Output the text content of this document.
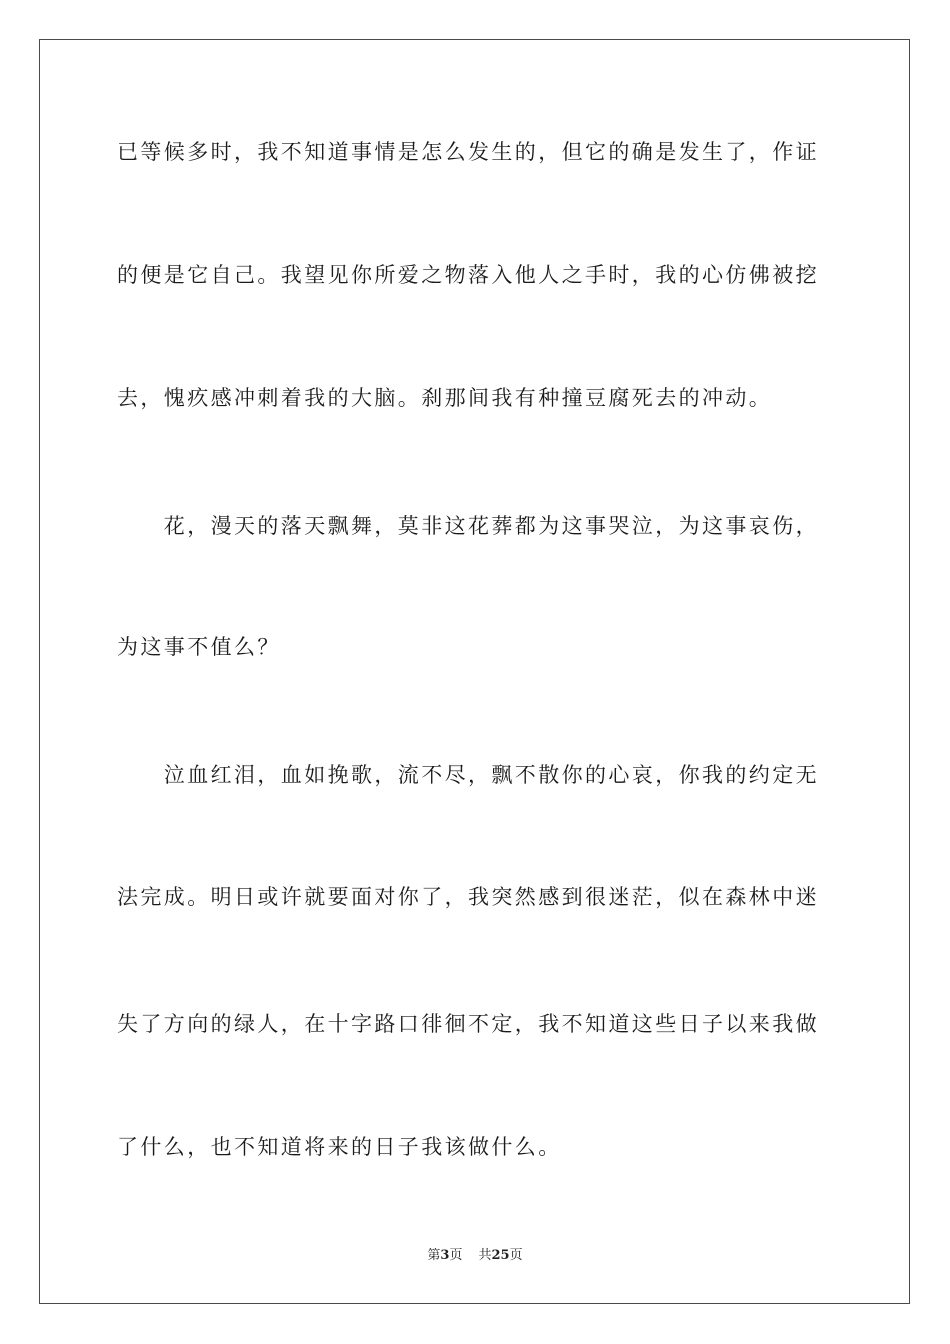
已等候多时，我不知道事情是怎么发生的，但它的确是发生了，作证
的便是它自己。我望见你所爱之物落入他人之手时，我的心仿佛被挖
去，愧疚感冲刺着我的大脑。刹那间我有种撞豆腐死去的冲动。
　　花，漫天的落天飘舞，莫非这花葬都为这事哭泣，为这事哀伤，
为这事不值么？
　　泣血红泪，血如挽歌，流不尽，飘不散你的心哀，你我的约定无
法完成。明日或许就要面对你了，我突然感到很迷茫，似在森林中迷
失了方向的绿人，在十字路口徘徊不定，我不知道这些日子以来我做
了什么，也不知道将来的日子我该做什么。
第3页 共25页
